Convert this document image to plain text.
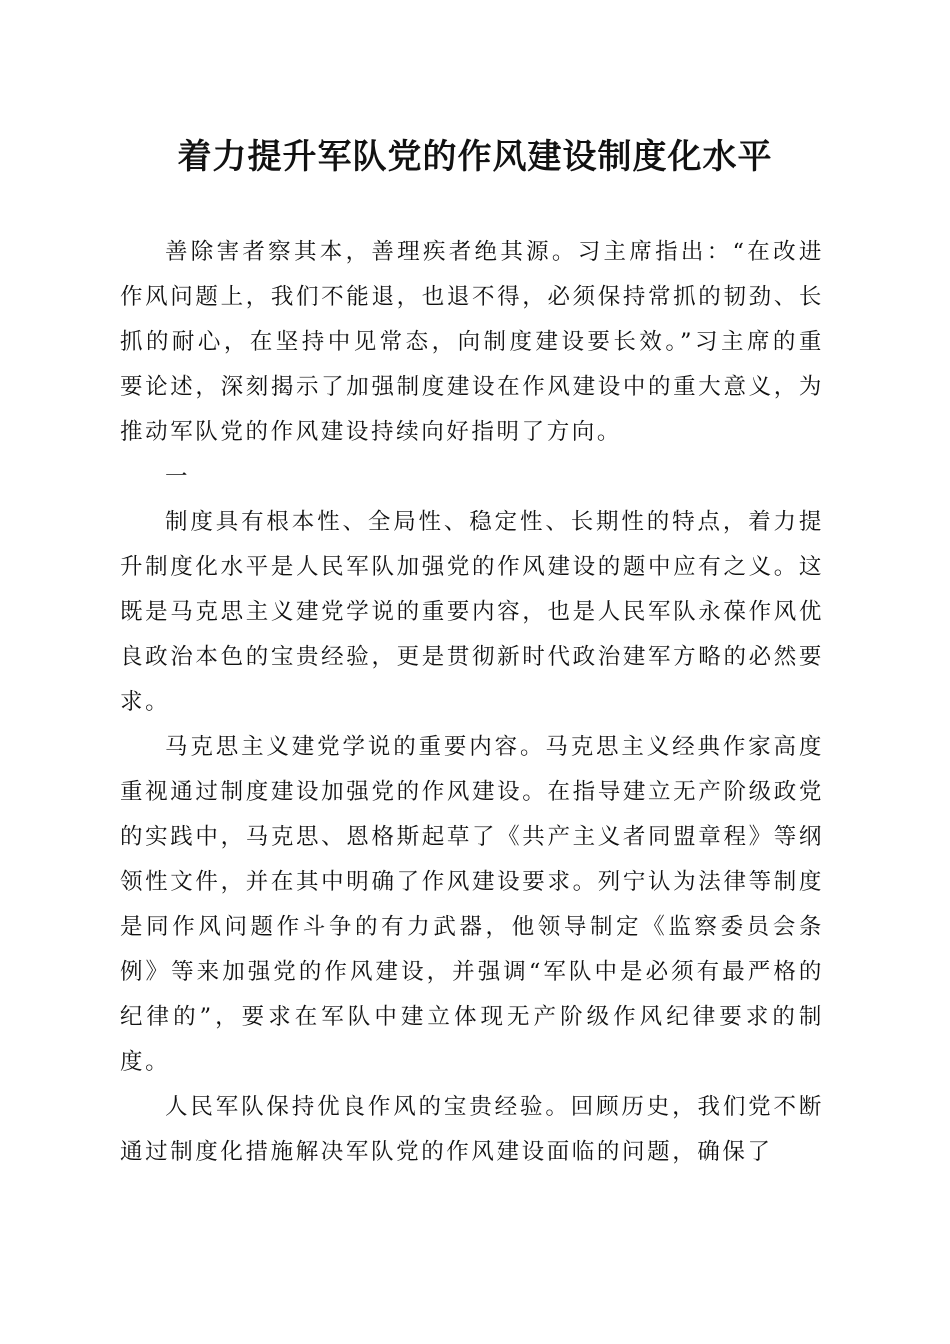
着力提升军队党的作风建设制度化水平

善除害者察其本，善理疾者绝其源。习主席指出：“在改进作风问题上，我们不能退，也退不得，必须保持常抓的韧劲、长抓的耐心，在坚持中见常态，向制度建设要长效。”习主席的重要论述，深刻揭示了加强制度建设在作风建设中的重大意义，为推动军队党的作风建设持续向好指明了方向。

一

制度具有根本性、全局性、稳定性、长期性的特点，着力提升制度化水平是人民军队加强党的作风建设的题中应有之义。这既是马克思主义建党学说的重要内容，也是人民军队永葆作风优良政治本色的宝贵经验，更是贯彻新时代政治建军方略的必然要求。

马克思主义建党学说的重要内容。马克思主义经典作家高度重视通过制度建设加强党的作风建设。在指导建立无产阶级政党的实践中，马克思、恩格斯起草了《共产主义者同盟章程》等纲领性文件，并在其中明确了作风建设要求。列宁认为法律等制度是同作风问题作斗争的有力武器，他领导制定《监察委员会条例》等来加强党的作风建设，并强调“军队中是必须有最严格的纪律的”，要求在军队中建立体现无产阶级作风纪律要求的制度。

人民军队保持优良作风的宝贵经验。回顾历史，我们党不断通过制度化措施解决军队党的作风建设面临的问题，确保了
